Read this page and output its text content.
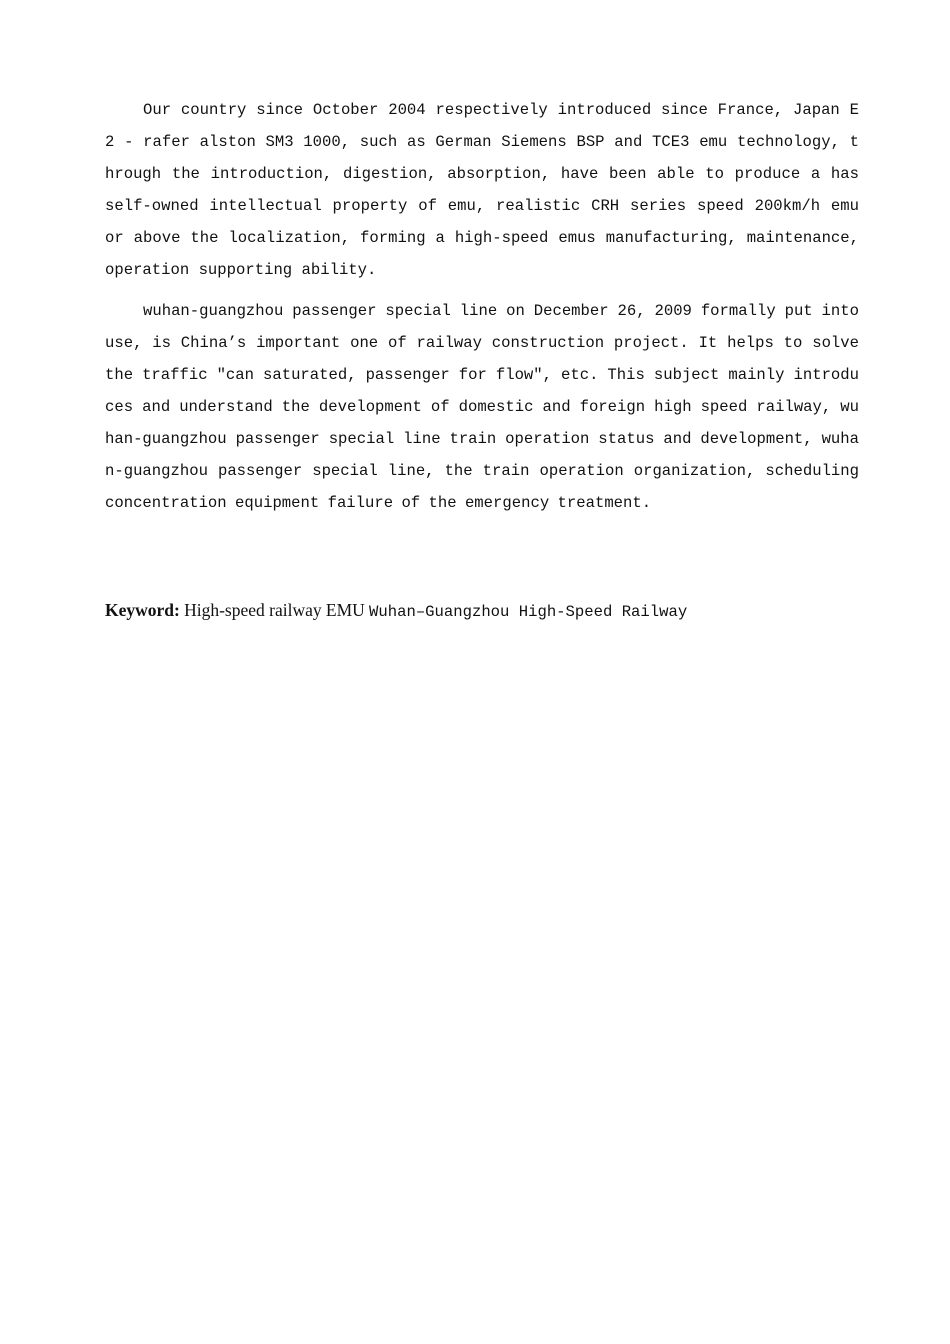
Our country since October 2004 respectively introduced since France, Japan E2 - rafer alston SM3 1000, such as German Siemens BSP and TCE3 emu technology, through the introduction, digestion, absorption, have been able to produce a has self-owned intellectual property of emu, realistic CRH series speed 200km/h emu or above the localization, forming a high-speed emus manufacturing, maintenance, operation supporting ability.

wuhan-guangzhou passenger special line on December 26, 2009 formally put into use, is China’s important one of railway construction project. It helps to solve the traffic "can saturated, passenger for flow", etc. This subject mainly introduces and understand the development of domestic and foreign high speed railway, wuhan-guangzhou passenger special line train operation status and development, wuhan-guangzhou passenger special line, the train operation organization, scheduling concentration equipment failure of the emergency treatment.

Keyword: High-speed railway EMU Wuhan–Guangzhou High-Speed Railway
